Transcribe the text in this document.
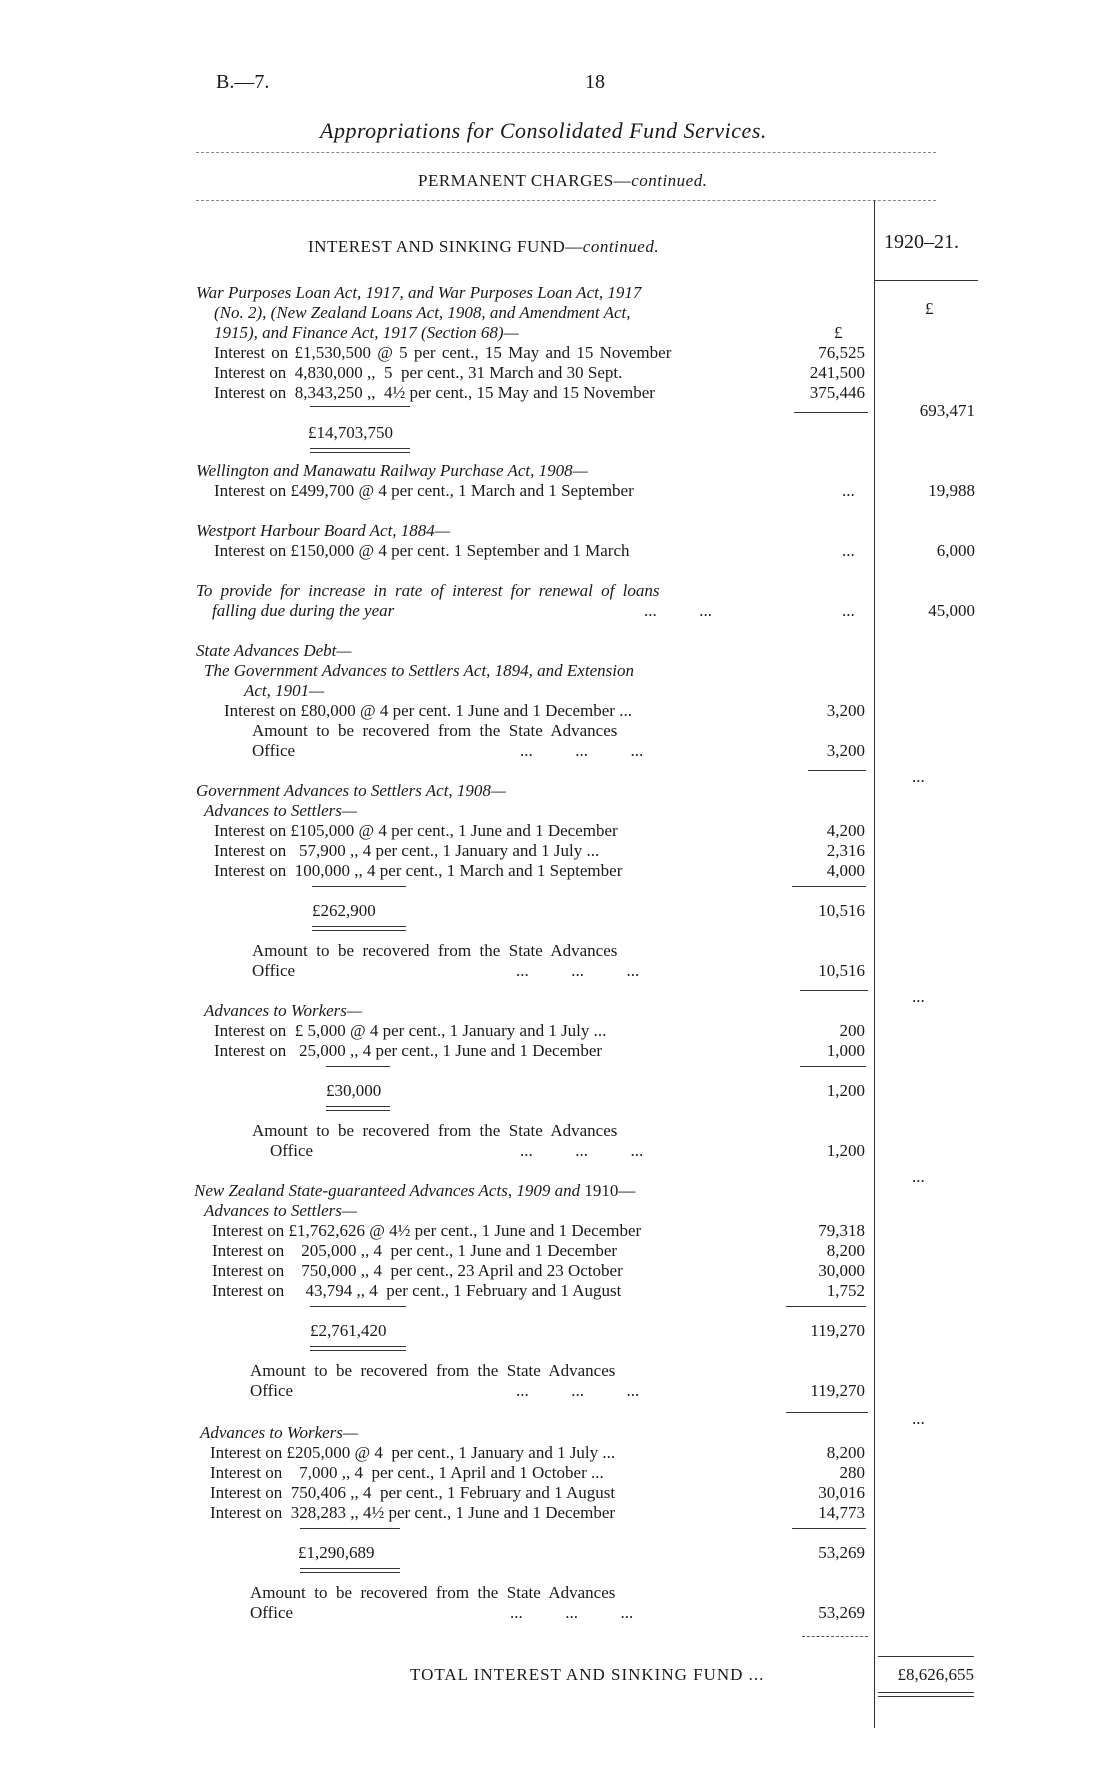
B.—7.	18
Appropriations for Consolidated Fund Services.
PERMANENT CHARGES—continued.
INTEREST AND SINKING FUND—continued.	1920–21.
£
War Purposes Loan Act, 1917, and War Purposes Loan Act, 1917
(No. 2), (New Zealand Loans Act, 1908, and Amendment Act,
1915), and Finance Act, 1917 (Section 68)—	£
Interest on £1,530,500 @ 5 per cent., 15 May and 15 November	76,525
Interest on  4,830,000 ,,  5  per cent., 31 March and 30 Sept.	241,500
Interest on  8,343,250 ,,  4½ per cent., 15 May and 15 November	375,446
£14,703,750
693,471
Wellington and Manawatu Railway Purchase Act, 1908—
Interest on £499,700 @ 4 per cent., 1 March and 1 September	...	19,988
Westport Harbour Board Act, 1884—
Interest on £150,000 @ 4 per cent. 1 September and 1 March	...	6,000
To provide for increase in rate of interest for renewal of loans
falling due during the year	...          ...	...	45,000
State Advances Debt—
The Government Advances to Settlers Act, 1894, and Extension
Act, 1901—
Interest on £80,000 @ 4 per cent. 1 June and 1 December ...	3,200
Amount  to  be  recovered  from  the  State  Advances
Office	...          ...          ...	3,200
...
Government Advances to Settlers Act, 1908—
Advances to Settlers—
Interest on £105,000 @ 4 per cent., 1 June and 1 December	4,200
Interest on   57,900 ,, 4 per cent., 1 January and 1 July ...	2,316
Interest on  100,000 ,, 4 per cent., 1 March and 1 September	4,000
£262,900	10,516
Amount  to  be  recovered  from  the  State  Advances
Office	...          ...          ...	10,516
...
Advances to Workers—
Interest on  £ 5,000 @ 4 per cent., 1 January and 1 July ...	200
Interest on   25,000 ,, 4 per cent., 1 June and 1 December	1,000
£30,000	1,200
Amount  to  be  recovered  from  the  State  Advances
Office	...          ...          ...	1,200
...
New Zealand State-guaranteed Advances Acts, 1909 and 1910—
Advances to Settlers—
Interest on £1,762,626 @ 4½ per cent., 1 June and 1 December	79,318
Interest on    205,000 ,, 4  per cent., 1 June and 1 December	8,200
Interest on    750,000 ,, 4  per cent., 23 April and 23 October	30,000
Interest on     43,794 ,, 4  per cent., 1 February and 1 August	1,752
£2,761,420	119,270
Amount  to  be  recovered  from  the  State  Advances
Office	...          ...          ...	119,270
...
Advances to Workers—
Interest on £205,000 @ 4  per cent., 1 January and 1 July ...	8,200
Interest on    7,000 ,, 4  per cent., 1 April and 1 October ...	280
Interest on  750,406 ,, 4  per cent., 1 February and 1 August	30,016
Interest on  328,283 ,, 4½ per cent., 1 June and 1 December	14,773
£1,290,689	53,269
Amount  to  be  recovered  from  the  State  Advances
Office	...          ...          ...	53,269
TOTAL INTEREST AND SINKING FUND ...	£8,626,655
